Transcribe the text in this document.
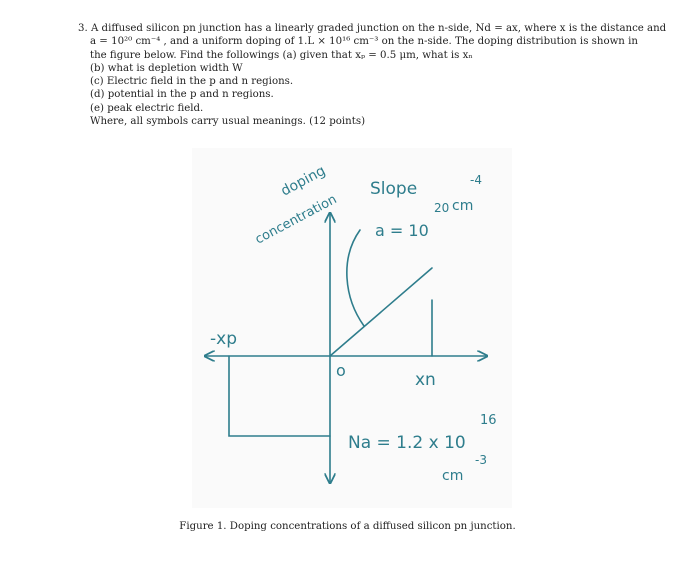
3. A diffused silicon pn junction has a linearly graded junction on the n-side, Nd = ax, where x is the distance and
a = 10²⁰ cm⁻⁴ , and a uniform doping of 1.L × 10¹⁶ cm⁻³ on the n-side. The doping distribution is shown in
the figure below. Find the followings (a) given that xₚ = 0.5 μm, what is xₙ
(b) what is depletion width W
(c) Electric field in the p and n regions.
(d) potential in the p and n regions.
(e) peak electric field.
Where, all symbols carry usual meanings. (12 points)
doping
concentration
Slope
a = 10
20 cm
-4
-xp
o	xn
16
Na = 1.2 x 10
-3
cm
Figure 1. Doping concentrations of a diffused silicon pn junction.
